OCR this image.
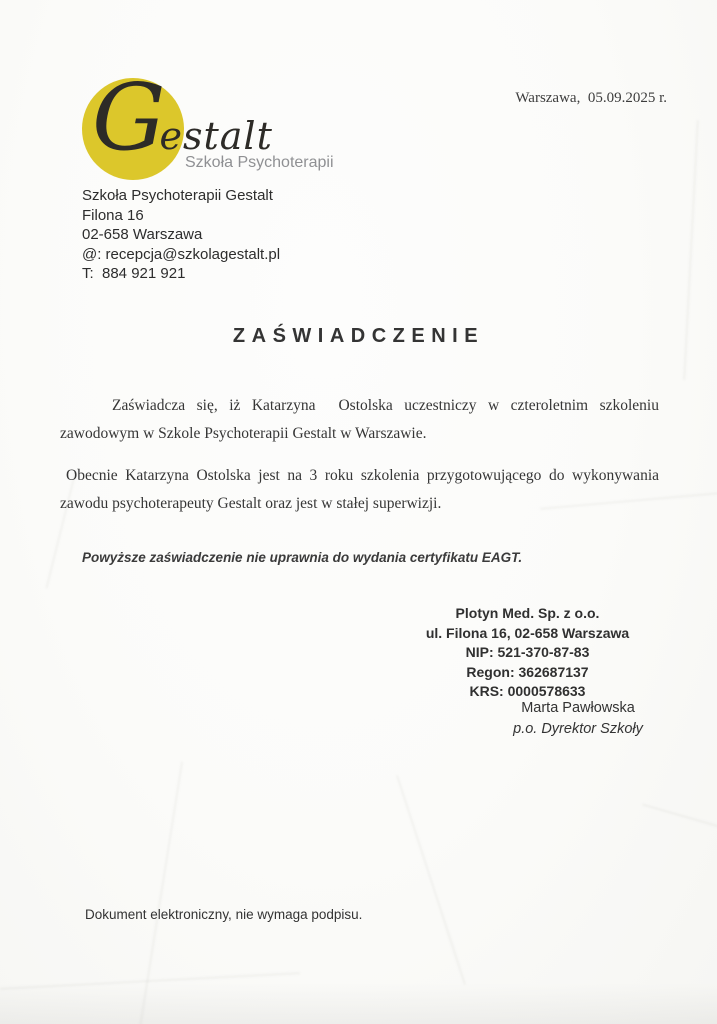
Warszawa,  05.09.2025 r.
Gestalt
Szkoła Psychoterapii
Szkoła Psychoterapii Gestalt
Filona 16
02-658 Warszawa
@: recepcja@szkolagestalt.pl
T:  884 921 921
ZAŚWIADCZENIE

Zaświadcza się, iż Katarzyna  Ostolska uczestniczy w czteroletnim szkoleniu zawodowym w Szkole Psychoterapii Gestalt w Warszawie.

Obecnie Katarzyna Ostolska jest na 3 roku szkolenia przygotowującego do wykonywania zawodu psychoterapeuty Gestalt oraz jest w stałej superwizji.

Powyższe zaświadczenie nie uprawnia do wydania certyfikatu EAGT.
Plotyn Med. Sp. z o.o.
ul. Filona 16, 02-658 Warszawa
NIP: 521-370-87-83
Regon: 362687137
KRS: 0000578633
Marta Pawłowska
p.o. Dyrektor Szkoły
Dokument elektroniczny, nie wymaga podpisu.
